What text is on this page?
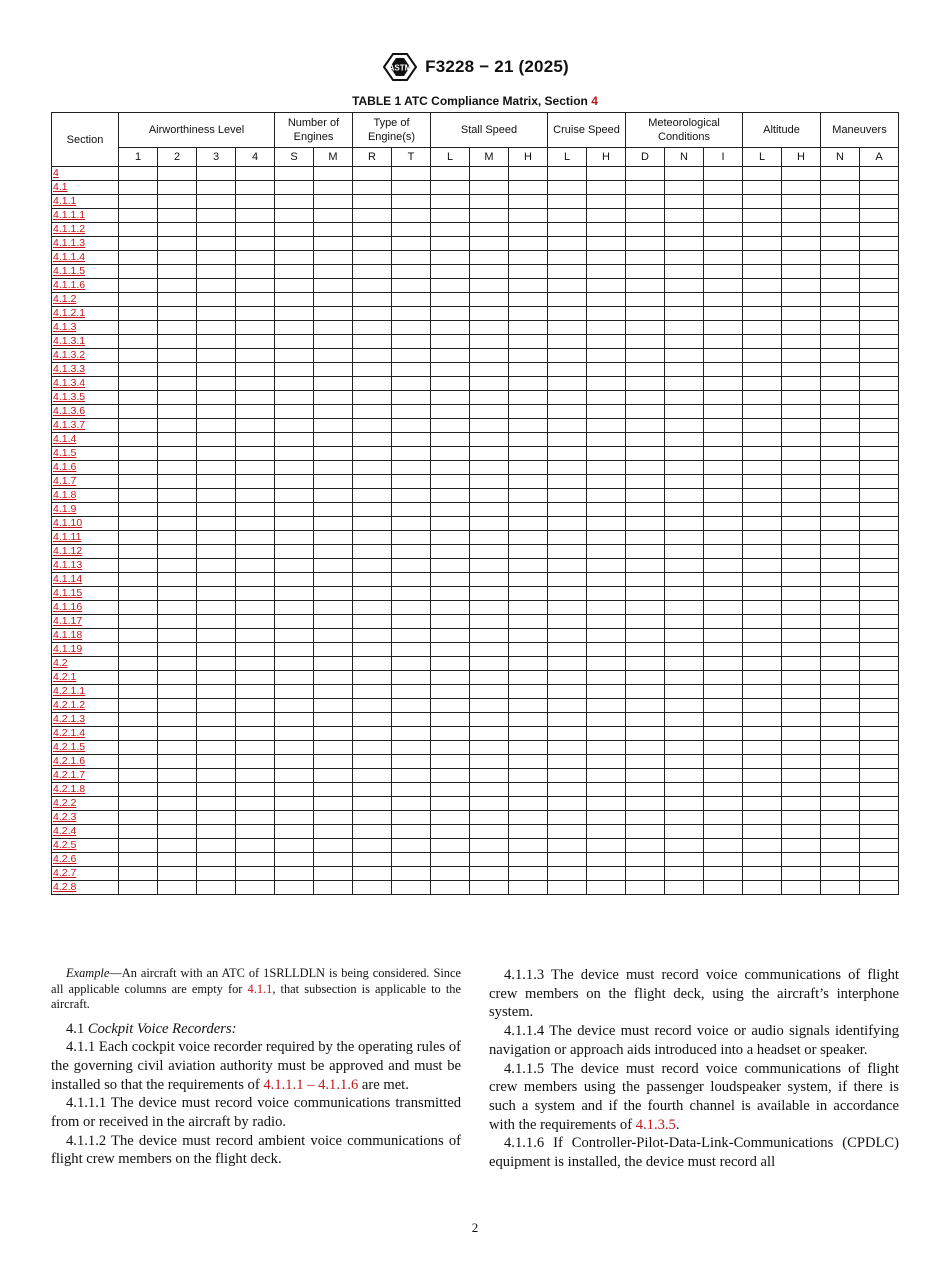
ASTM F3228 − 21 (2025)
TABLE 1 ATC Compliance Matrix, Section 4
Section	Airworthiness Level				Number of Engines		Type of Engine(s)		Stall Speed			Cruise Speed		Meteorological Conditions			Altitude		Maneuvers	
	1	2	3	4	S	M	R	T	L	M	H	L	H	D	N	I	L	H	N	A
4																				
4.1																				
4.1.1																				
4.1.1.1																				
4.1.1.2																				
4.1.1.3																				
4.1.1.4																				
4.1.1.5																				
4.1.1.6																				
4.1.2																				
4.1.2.1																				
4.1.3																				
4.1.3.1																				
4.1.3.2																				
4.1.3.3																				
4.1.3.4																				
4.1.3.5																				
4.1.3.6																				
4.1.3.7																				
4.1.4																				
4.1.5																				
4.1.6																				
4.1.7																				
4.1.8																				
4.1.9																				
4.1.10																				
4.1.11																				
4.1.12																				
4.1.13																				
4.1.14																				
4.1.15																				
4.1.16																				
4.1.17																				
4.1.18																				
4.1.19																				
4.2																				
4.2.1																				
4.2.1.1																				
4.2.1.2																				
4.2.1.3																				
4.2.1.4																				
4.2.1.5																				
4.2.1.6																				
4.2.1.7																				
4.2.1.8																				
4.2.2																				
4.2.3																				
4.2.4																				
4.2.5																				
4.2.6																				
4.2.7																				
4.2.8																				

Example—An aircraft with an ATC of 1SRLLDLN is being considered. Since all applicable columns are empty for 4.1.1, that subsection is applicable to the aircraft.

4.1 Cockpit Voice Recorders:

4.1.1 Each cockpit voice recorder required by the operating rules of the governing civil aviation authority must be approved and must be installed so that the requirements of 4.1.1.1 – 4.1.1.6 are met.

4.1.1.1 The device must record voice communications transmitted from or received in the aircraft by radio.

4.1.1.2 The device must record ambient voice communications of flight crew members on the flight deck.

4.1.1.3 The device must record voice communications of flight crew members on the flight deck, using the aircraft’s interphone system.

4.1.1.4 The device must record voice or audio signals identifying navigation or approach aids introduced into a headset or speaker.

4.1.1.5 The device must record voice communications of flight crew members using the passenger loudspeaker system, if there is such a system and if the fourth channel is available in accordance with the requirements of 4.1.3.5.

4.1.1.6 If Controller-Pilot-Data-Link-Communications (CPDLC) equipment is installed, the device must record all

2
